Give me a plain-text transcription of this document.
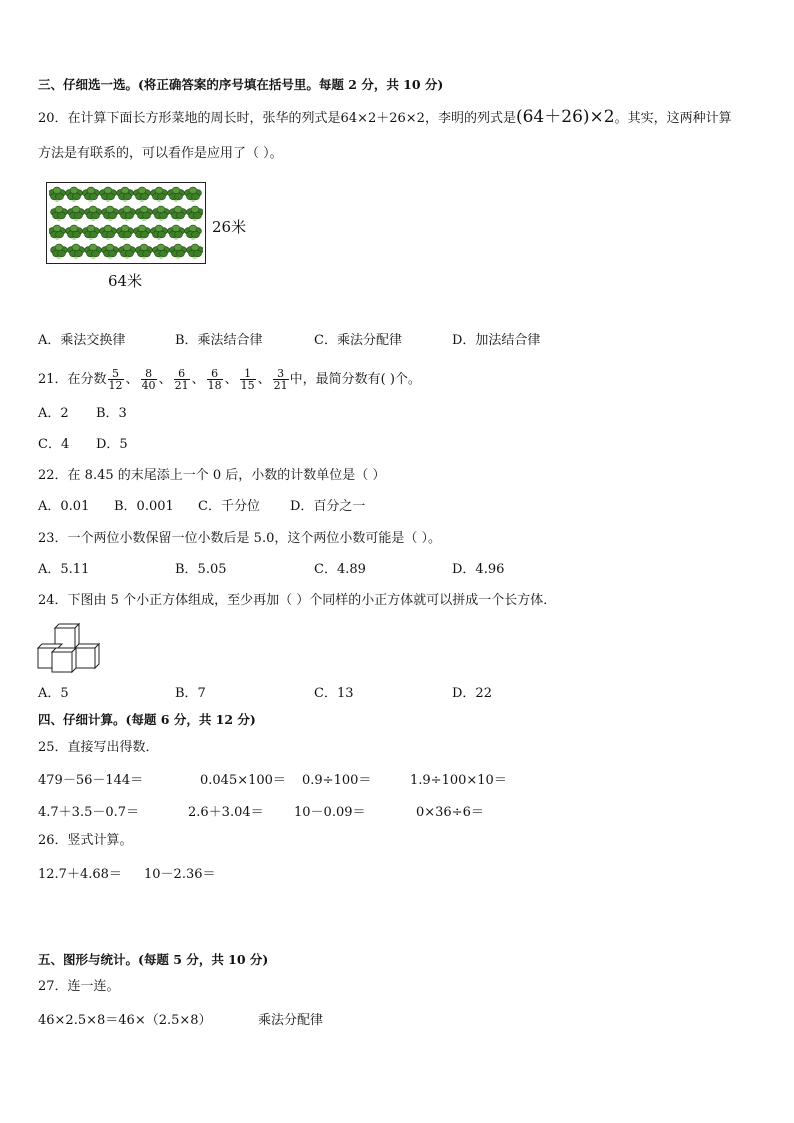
三、仔细选一选。(将正确答案的序号填在括号里。每题 2 分，共 10 分)
20．在计算下面长方形菜地的周长时，张华的列式是64×2＋26×2，李明的列式是(64＋26)×2。其实，这两种计算
方法是有联系的，可以看作是应用了（ ）。
26米
64米
A．乘法交换律	B．乘法结合律	C．乘法分配律	D．加法结合律
21．在分数 $\frac{5}{12}$ 、 $\frac{8}{40}$ 、 $\frac{6}{21}$ 、 $\frac{6}{18}$ 、 $\frac{1}{15}$ 、 $\frac{3}{21}$ 中，最简分数有( )个。
A．2 B．3
C．4 D．5
22．在 8.45 的末尾添上一个 0 后，小数的计数单位是（ ）
A．0.01 B．0.001 C．千分位 D．百分之一
23．一个两位小数保留一位小数后是 5.0，这个两位小数可能是（ ）。
A．5.11	B．5.05	C．4.89	D．4.96
24．下图由 5 个小正方体组成，至少再加（ ）个同样的小正方体就可以拼成一个长方体．
A．5	B．7	C．13	D．22
四、仔细计算。(每题 6 分，共 12 分)
25．直接写出得数．
479－56－144＝	0.045×100＝ 0.9÷100＝	1.9÷100×10＝
4.7＋3.5－0.7＝	2.6＋3.04＝ 10－0.09＝	0×36÷6＝
26．竖式计算。
12.7＋4.68＝ 10－2.36＝
五、图形与统计。(每题 5 分，共 10 分)
27．连一连。
46×2.5×8＝46×（2.5×8）	乘法分配律
